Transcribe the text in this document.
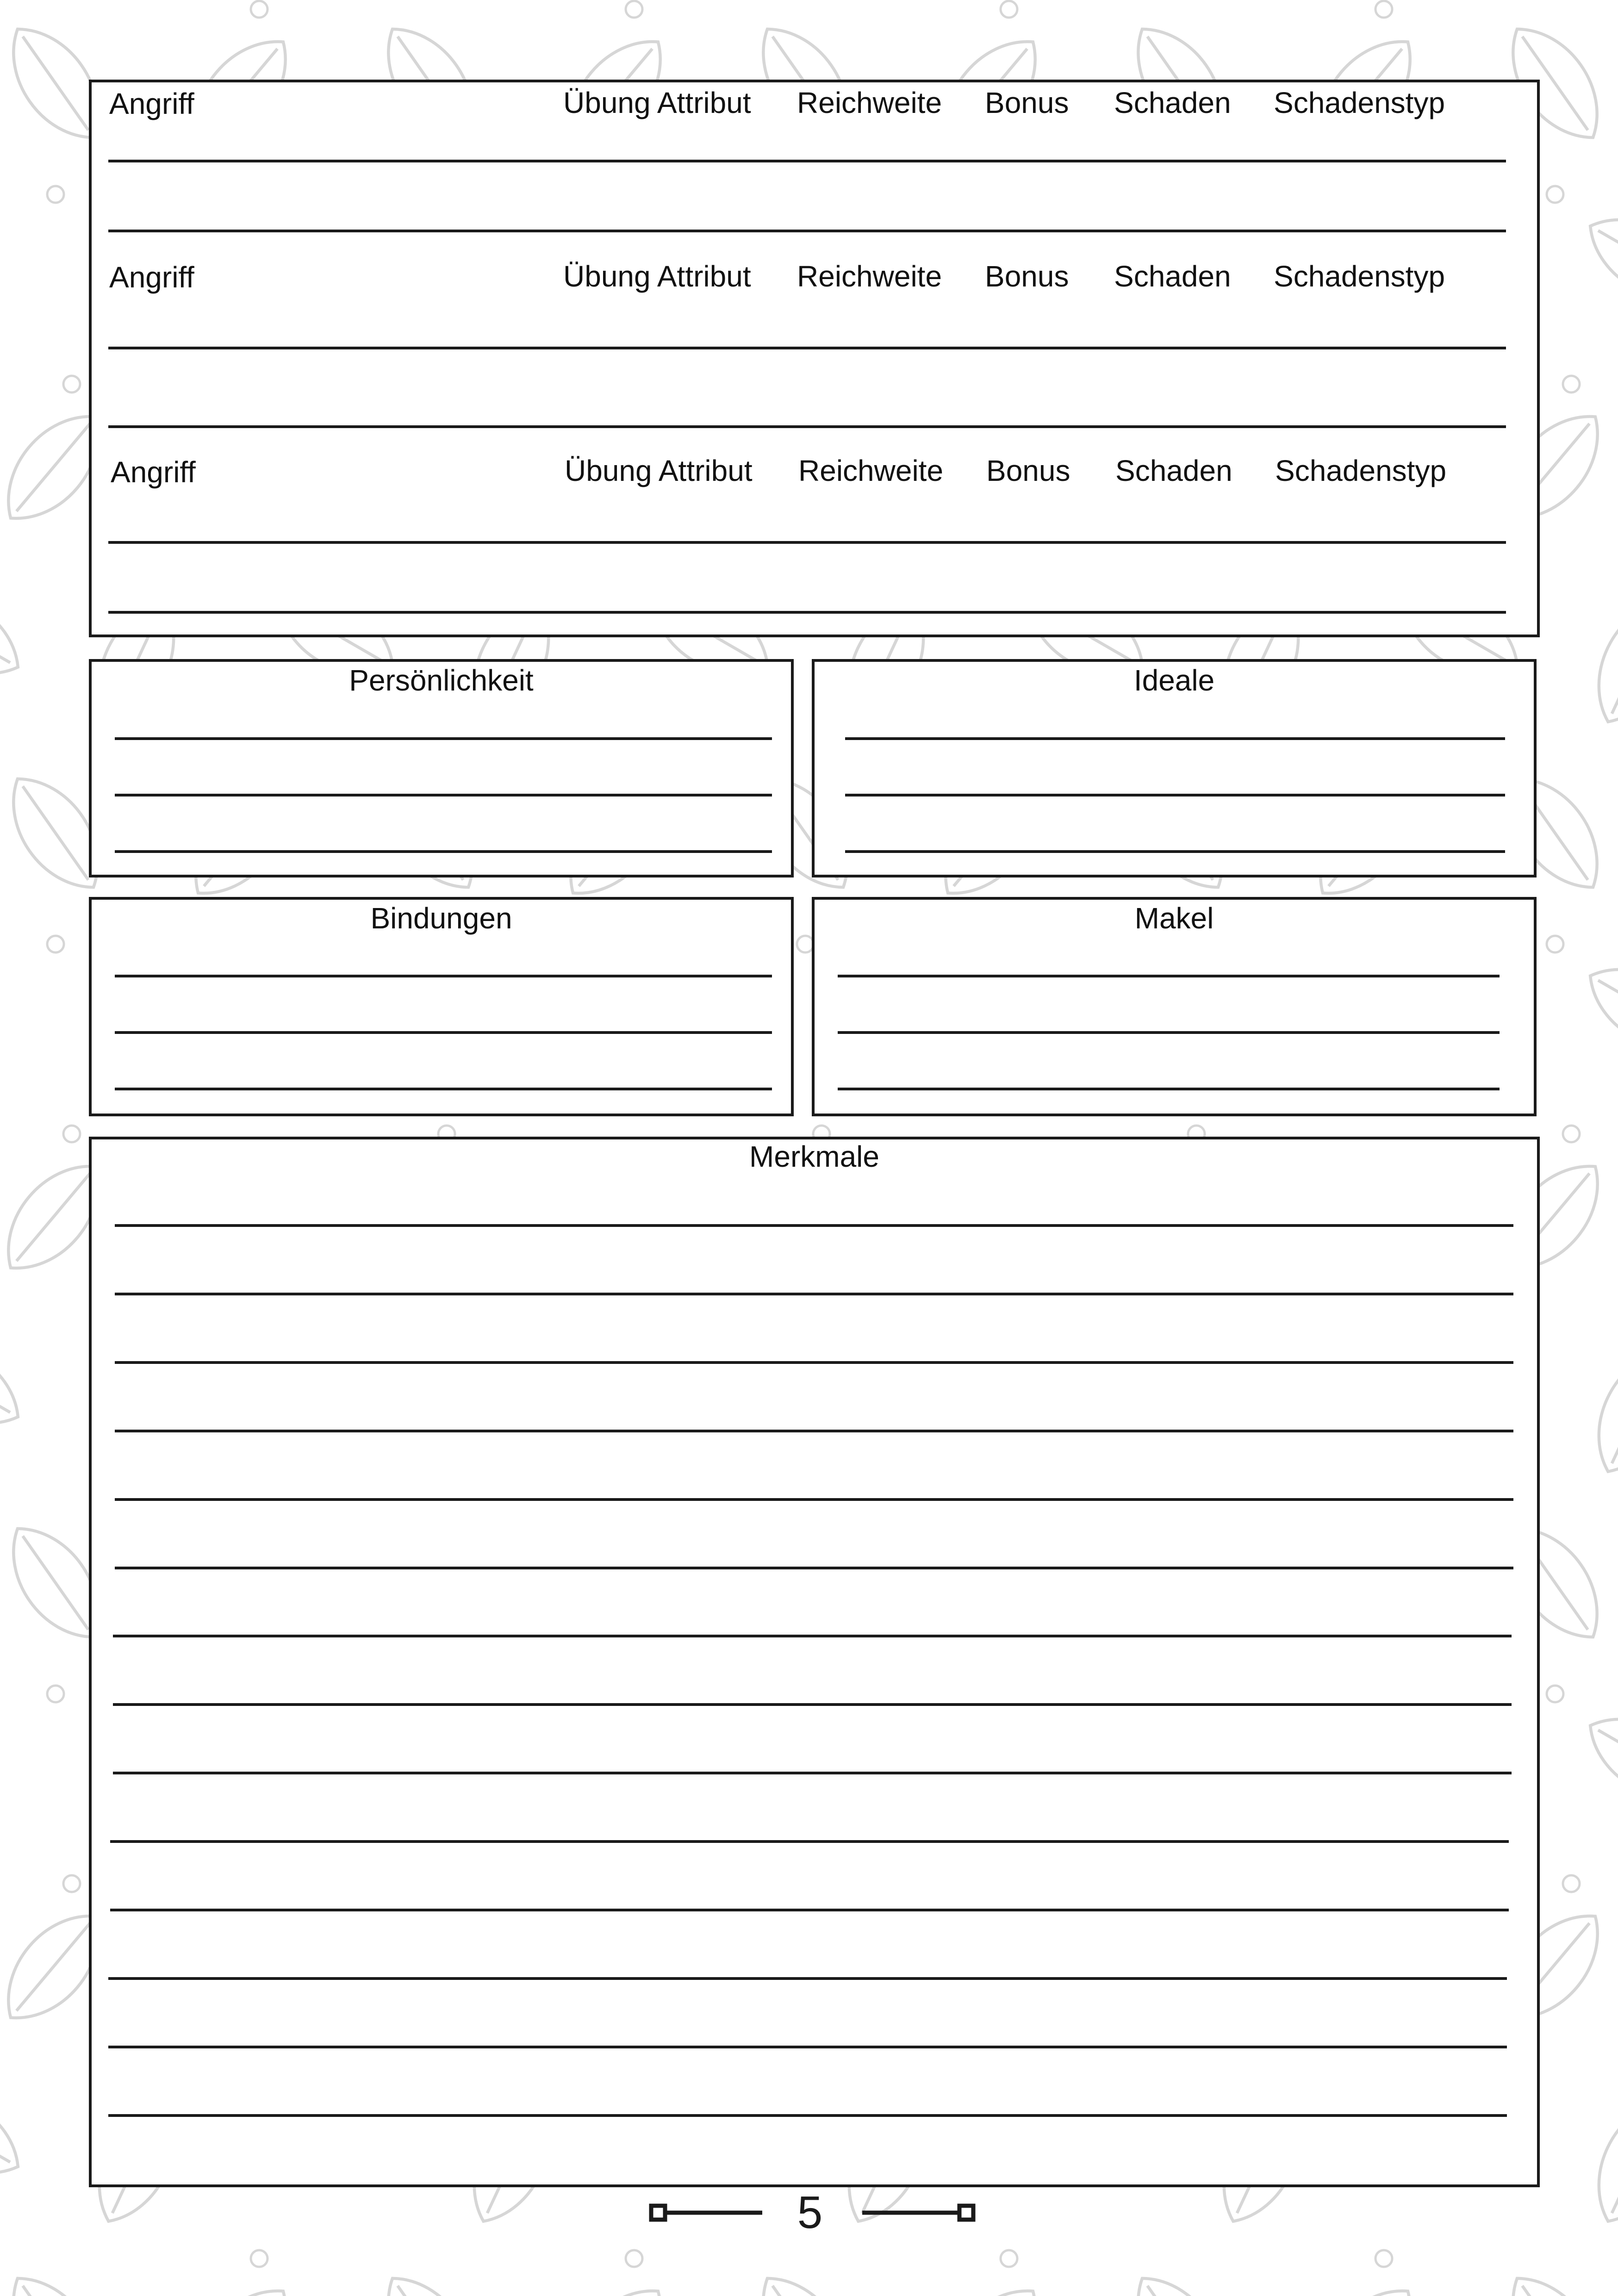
Angriff	Übung Attribut Reichweite Bonus Schaden Schadenstyp
Angriff	Übung Attribut Reichweite Bonus Schaden Schadenstyp
Angriff	Übung Attribut Reichweite Bonus Schaden Schadenstyp
Persönlichkeit	Ideale
Bindungen	Makel
Merkmale
5
